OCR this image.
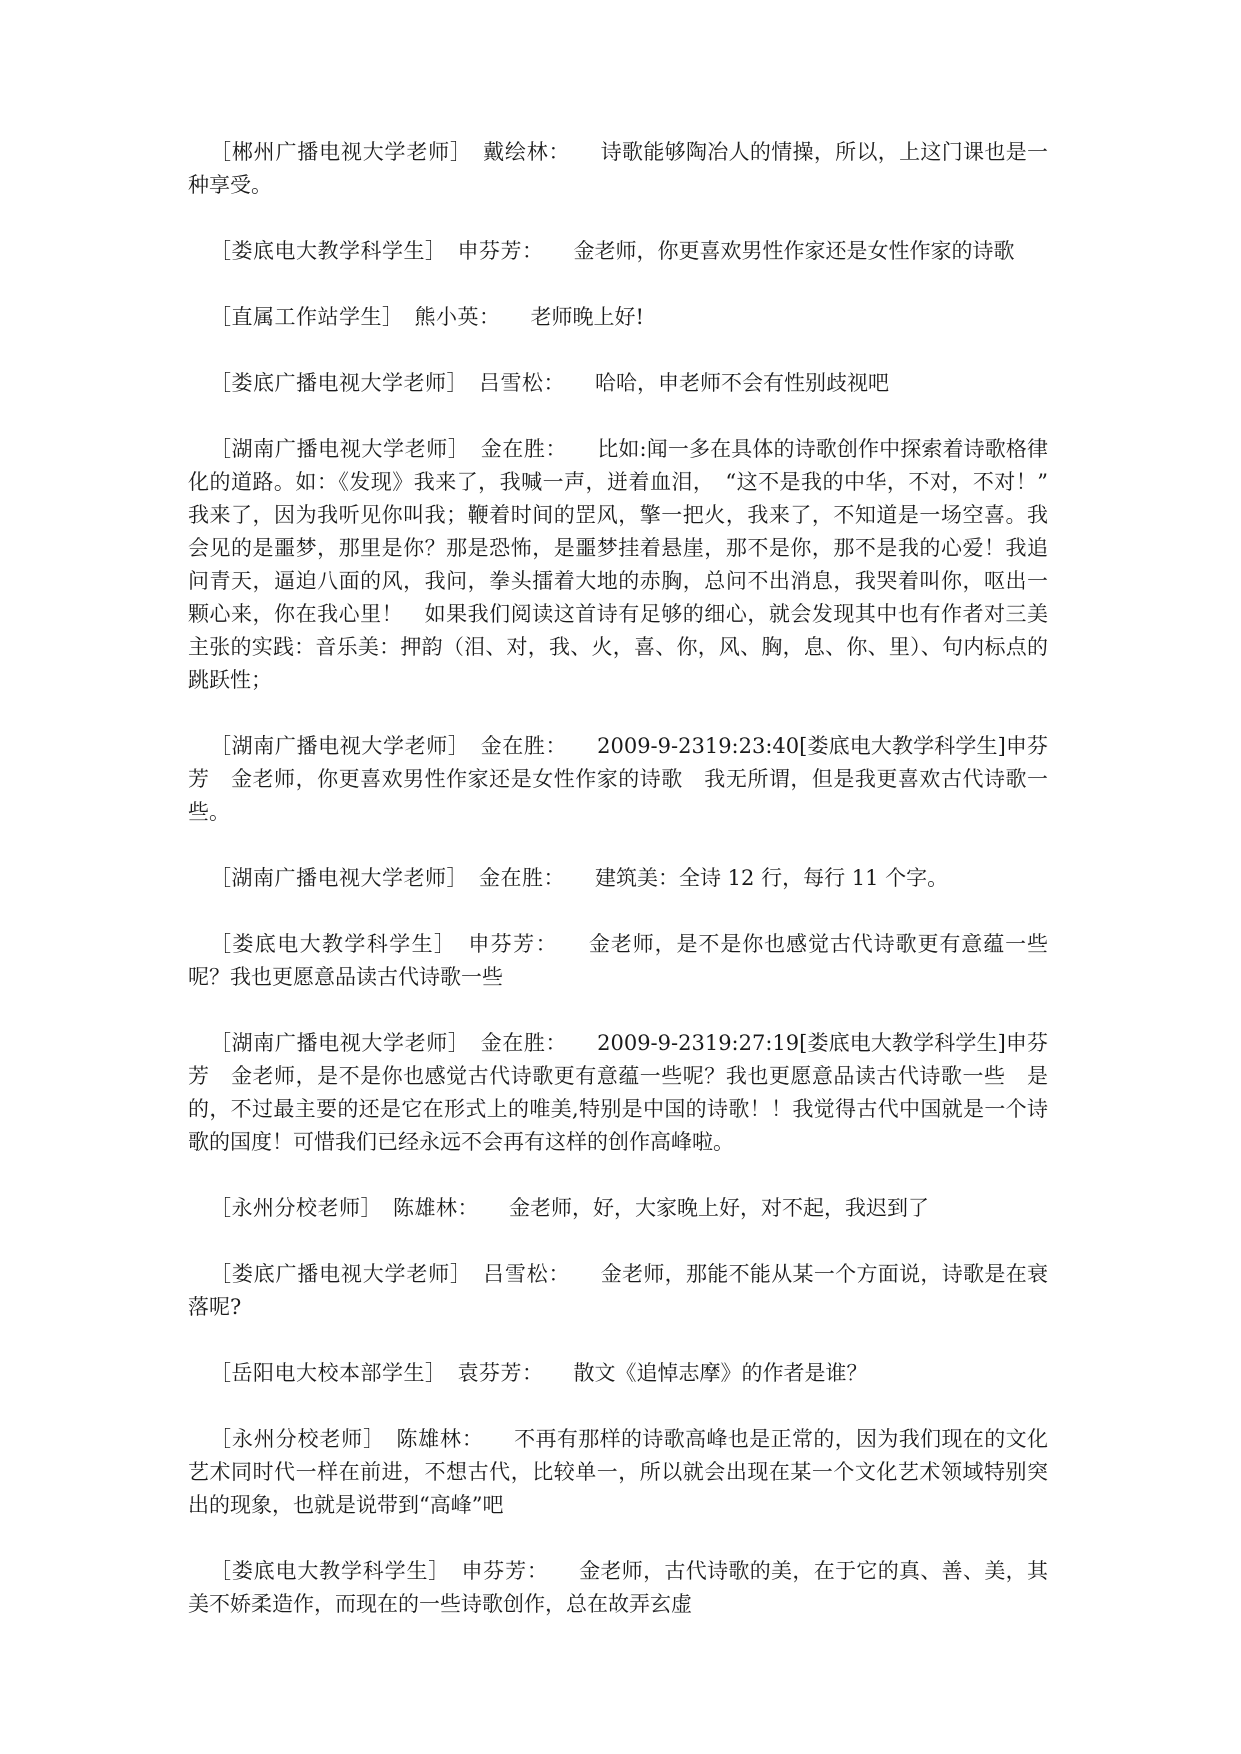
［郴州广播电视大学老师］　戴绘林： 诗歌能够陶冶人的情操，所以，上这门课也是一种享受。

［娄底电大教学科学生］　申芬芳： 金老师，你更喜欢男性作家还是女性作家的诗歌

［直属工作站学生］　熊小英： 老师晚上好!

［娄底广播电视大学老师］　吕雪松： 哈哈，申老师不会有性别歧视吧

［湖南广播电视大学老师］　金在胜： 比如:闻一多在具体的诗歌创作中探索着诗歌格律化的道路。如：《发现》我来了，我喊一声，迸着血泪，　“这不是我的中华，不对，不对！”　　我来了，因为我听见你叫我；鞭着时间的罡风，擎一把火，我来了，不知道是一场空喜。我会见的是噩梦，那里是你？那是恐怖，是噩梦挂着悬崖，那不是你，那不是我的心爱！我追问青天，逼迫八面的风，我问，拳头擂着大地的赤胸，总问不出消息，我哭着叫你，呕出一颗心来，你在我心里！　如果我们阅读这首诗有足够的细心，就会发现其中也有作者对三美主张的实践：音乐美：押韵（泪、对，我、火，喜、你，风、胸，息、你、里）、句内标点的跳跃性；

［湖南广播电视大学老师］　金在胜： 2009-9-2319:23:40[娄底电大教学科学生]申芬芳　金老师，你更喜欢男性作家还是女性作家的诗歌　我无所谓，但是我更喜欢古代诗歌一些。

［湖南广播电视大学老师］　金在胜： 建筑美：全诗 12 行，每行 11 个字。

［娄底电大教学科学生］　申芬芳： 金老师，是不是你也感觉古代诗歌更有意蕴一些呢？我也更愿意品读古代诗歌一些

［湖南广播电视大学老师］　金在胜： 2009-9-2319:27:19[娄底电大教学科学生]申芬芳　金老师，是不是你也感觉古代诗歌更有意蕴一些呢？我也更愿意品读古代诗歌一些　是的，不过最主要的还是它在形式上的唯美,特别是中国的诗歌！！我觉得古代中国就是一个诗歌的国度！可惜我们已经永远不会再有这样的创作高峰啦。

［永州分校老师］　陈雄林： 金老师，好，大家晚上好，对不起，我迟到了

［娄底广播电视大学老师］　吕雪松： 金老师，那能不能从某一个方面说，诗歌是在衰落呢?

［岳阳电大校本部学生］　袁芬芳： 散文《追悼志摩》的作者是谁？

［永州分校老师］　陈雄林： 不再有那样的诗歌高峰也是正常的，因为我们现在的文化艺术同时代一样在前进，不想古代，比较单一，所以就会出现在某一个文化艺术领域特别突出的现象，也就是说带到“高峰”吧

［娄底电大教学科学生］　申芬芳： 金老师，古代诗歌的美，在于它的真、善、美，其美不娇柔造作，而现在的一些诗歌创作，总在故弄玄虚
